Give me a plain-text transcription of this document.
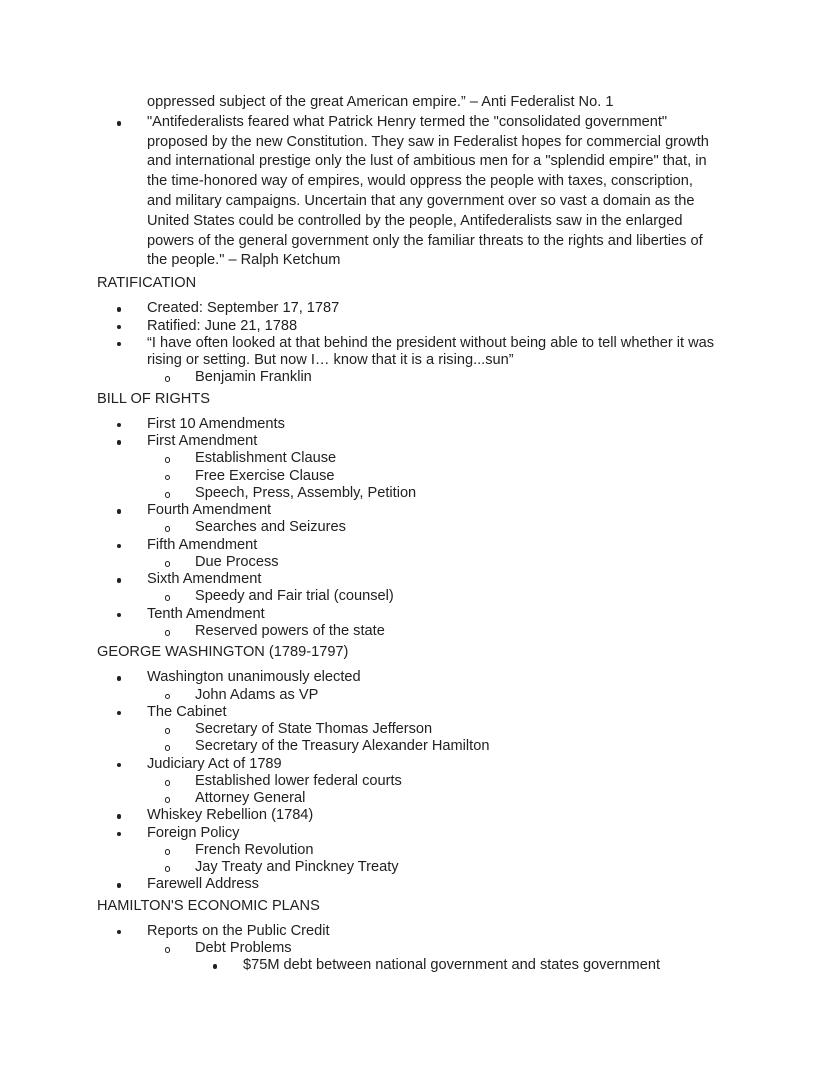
oppressed subject of the great American empire.” – Anti Federalist No. 1
"Antifederalists feared what Patrick Henry termed the "consolidated government"
proposed by the new Constitution. They saw in Federalist hopes for commercial growth
and international prestige only the lust of ambitious men for a "splendid empire" that, in
the time-honored way of empires, would oppress the people with taxes, conscription,
and military campaigns. Uncertain that any government over so vast a domain as the
United States could be controlled by the people, Antifederalists saw in the enlarged
powers of the general government only the familiar threats to the rights and liberties of
the people." – Ralph Ketchum
RATIFICATION
Created: September 17, 1787
Ratified: June 21, 1788
“I have often looked at that behind the president without being able to tell whether it was
rising or setting. But now I… know that it is a rising...sun”
Benjamin Franklin
BILL OF RIGHTS
First 10 Amendments
First Amendment
Establishment Clause
Free Exercise Clause
Speech, Press, Assembly, Petition
Fourth Amendment
Searches and Seizures
Fifth Amendment
Due Process
Sixth Amendment
Speedy and Fair trial (counsel)
Tenth Amendment
Reserved powers of the state
GEORGE WASHINGTON (1789-1797)
Washington unanimously elected
John Adams as VP
The Cabinet
Secretary of State Thomas Jefferson
Secretary of the Treasury Alexander Hamilton
Judiciary Act of 1789
Established lower federal courts
Attorney General
Whiskey Rebellion (1784)
Foreign Policy
French Revolution
Jay Treaty and Pinckney Treaty
Farewell Address
HAMILTON'S ECONOMIC PLANS
Reports on the Public Credit
Debt Problems
$75M debt between national government and states government
